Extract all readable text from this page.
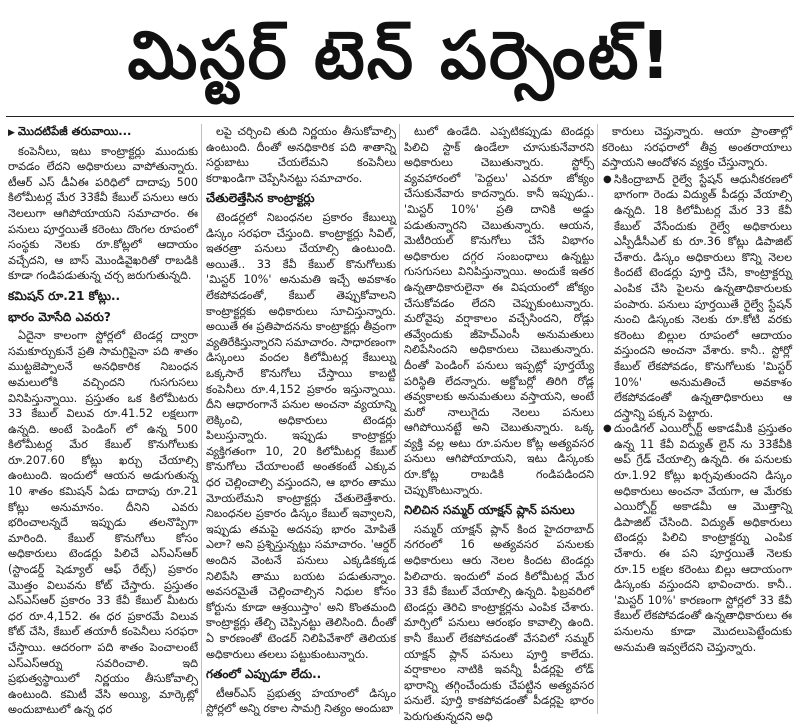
మిస్టర్ టెన్ పర్సెంట్!
▶ మొదటిపేజీ తరువాయి...

కంపెనీలు, ఇటు కాంట్రాక్టర్లు ముందుకు రావడం లేదని అధికారులు వాపోతున్నారు. టీఆర్ ఎస్ డీఏఈ పరిధిలో దాదాపు 500 కిలోమీటర్ల మేర 33కేవీ కేబుల్ పనులు ఆరు నెలలుగా ఆగిపోయాయని సమాచారం. ఈ పనులు పూర్తయితే కరెంటు దొంగల రూపంలో సంస్థకు నెలకు రూ.కోట్లలో ఆదాయం వచ్చేదని, ఆ బాస్ మొండివైఖరితో రాబడికి కూడా గండిపడుతున్న చర్చ జరుగుతున్నది.

కమిషన్ రూ.21 కోట్లు..
భారం మోసేది ఎవరు?

ఏదైనా కాలంగా స్టోర్లలో టెండర్ల ద్వారా సమకూర్చుకునే ప్రతి సామగ్రిపైనా పది శాతం ముట్టజెప్పాలనే అనధికారిక నిబంధన అమలులోకి వచ్చిందని గుసగుసలు వినిపిస్తున్నాయి. ప్రస్తుతం ఒక కిలోమీటరు 33 కేబుల్ విలువ రూ.41.52 లక్షలుగా ఉన్నది. అంటే పెండింగ్ లో ఉన్న 500 కిలోమీటర్ల మేర కేబుల్ కొనుగోలుకు రూ.207.60 కోట్లు ఖర్చు చేయాల్సి ఉంటుంది. ఇందులో ఆయన అడుగుతున్న 10 శాతం కమిషన్ ఏడు దాదాపు రూ.21 కోట్లు అనుమానం. దీనిని ఎవరు భరించాలన్నదే ఇప్పుడు తలనొప్పిగా మారింది. కేబుల్ కొనుగోలు కోసం అధికారులు టెండర్లు పిలిచే ఎస్ఎస్ఆర్ (స్టాండర్డ్ షెడ్యూల్ ఆఫ్ రేట్స్) ప్రకారం మొత్తం విలువను కోట్ చేస్తారు. ప్రస్తుతం ఎస్ఎస్ఆర్ ప్రకారం 33 కేవీ కేబుల్ మీటరు ధర రూ.4,152. ఈ ధర ప్రకారమే విలువ కోట్ చేసి, కేబుల్ తయారీ కంపెనీలు సరఫరా చేస్తాయి. ఆదరంగా పది శాతం పెంచాలంటే ఎస్ఎస్ఆర్ను సవరించాలి. ఇది ప్రభుత్వస్థాయిలో నిర్ణయం తీసుకోవాల్సి ఉంటుంది. కమిటీ వేసి అయ్యి, మార్కెట్లో అందుబాటులో ఉన్న ధర

లపై చర్చించి తుది నిర్ణయం తీసుకోవాల్సి ఉంటుంది. దీంతో అనధికారిక పది శాతాన్ని సర్దుబాటు చేయలేమని కంపెనీలు కరాఖండిగా చెప్పేసినట్టు సమాచారం.

చేతులెత్తేసిన కాంట్రాక్టర్లు

టెండర్లలో నిబంధనల ప్రకారం కేబుల్ను డిస్కం సరఫరా చేస్తుంది. కాంట్రాక్టర్లు సివిల్, ఇతరత్రా పనులు చేయాల్సి ఉంటుంది. అయితే.. 33 కేవీ కేబుల్ కొనుగోలుకు 'మిస్టర్ 10%' అనుమతి ఇచ్చే అవకాశం లేకపోవడంతో, కేబుల్ తెప్పుకోవాలని కాంట్రాక్టర్లకు అధికారులు సూచిస్తున్నారు. అయితే ఈ ప్రతిపాదనను కాంట్రాక్టర్లు తీవ్రంగా వ్యతిరేకిస్తున్నారని సమాచారం. సాధారణంగా డిస్కంలు వందల కిలోమీటర్ల కేబుల్ను ఒక్కసారే కొనుగోలు చేస్తాయి కాబట్టి కంపెనీలు రూ.4,152 ప్రకారం ఇస్తున్నాయి. దీని ఆధారంగానే పనుల అంచనా వ్యయాన్ని లెక్కించి, అధికారులు టెండర్లు పిలుస్తున్నారు. ఇప్పుడు కాంట్రాక్టర్లు వ్యక్తిగతంగా 10, 20 కిలోమీటర్ల కేబుల్ కొనుగోలు చేయాలంటే అంతకంటే ఎక్కువ ధర చెల్లించాల్సి వస్తుందని, ఆ భారం తాము మోయలేమని కాంట్రాక్టర్లు చేతులెత్తేశారు. నిబంధనల ప్రకారం డిస్కం కేబుల్ ఇవ్వాలని, ఇప్పుడు తమపై అదనపు భారం మోపితే ఎలా? అని ప్రశ్నిస్తున్నట్టు సమాచారం. 'ఆర్డర్ అందిన వెంటనే పనులు ఎక్కడికక్కడ నిలిపేసి తాము బయట పడుతున్నాం. అవసరమైతే చెల్లించాల్సిన నిధుల కోసం కోర్టును కూడా ఆశ్రయిస్తాం' అని కొంతమంది కాంట్రాక్టర్లు తేల్చి చెప్పినట్టు తెలిసింది. దీంతో ఏ కారణంతో టెండర్ నిలిపివేశారో తెలియక అధికారులు తలలు పట్టుకుంటున్నారు.

గతంలో ఎప్పుడూ లేదు..

టీఆర్ఎస్ ప్రభుత్వ హయాంలో డిస్కం స్టోర్లలో అన్ని రకాల సామగ్రి నిత్యం అందుబా

టులో ఉండేది. ఎప్పటికప్పుడు టెండర్లు పిలిచి స్టాక్ ఉండేలా చూసుకునేవారని అధికారులు చెబుతున్నారు. స్టోర్స్ వ్యవహారంలో 'పెద్దలు' ఎవరూ జోక్యం చేసుకునేవారు కాదన్నారు. కానీ ఇప్పుడు.. 'మిస్టర్ 10%' ప్రతి దానికి అడ్డు పడుతున్నారని చెబుతున్నారు. ఆయన, మెటీరియల్ కొనుగోలు చేసే విభాగం అధికారుల దగ్గర సంబంధాలు ఉన్నట్టు గుసగుసలు వినిపిస్తున్నాయి. అందుకే ఇతర ఉన్నతాధికారులైనా ఈ విషయంలో జోక్యం చేసుకోవడం లేదని చెప్పుకుంటున్నారు. మరోవైపు వర్షాకాలం వచ్చేసిందని, రోడ్లు తవ్వేందుకు జీహెచ్ఎంసీ అనుమతులు నిలిపేసిందని అధికారులు చెబుతున్నారు. దీంతో పెండింగ్ పనులు ఇప్పట్లో పూర్తయ్యే పరిస్థితి లేదన్నారు. అక్టోబర్లో తిరిగి రోడ్ల తవ్వకాలకు అనుమతులు వస్తాయని, అంటే మరో నాలుగైదు నెలలు పనులు ఆగిపోయినట్టే అని చెబుతున్నారు. ఒక్క వ్యక్తి వల్ల అటు రూ.పనుల కోట్ల అత్యవసర పనులు ఆగిపోయాయని, ఇటు డిస్కంకు రూ.కోట్ల రాబడికి గండిపడిందని చెప్పుకొంటున్నారు.

నిలిచిన సమ్మర్ యాక్షన్ ప్లాన్ పనులు

సమ్మర్ యాక్షన్ ప్లాన్ కింద హైదరాబాద్ నగరంలో 16 అత్యవసర పనులకు అధికారులు ఆరు నెలల కిందట టెండర్లు పిలిచారు. ఇందులో వంద కిలోమీటర్ల మేర 33 కేవీ కేబుల్ వేయాల్సి ఉన్నది. ఫిబ్రవరిలో టెండర్లు తెరిచి కాంట్రాక్టర్లను ఎంపిక చేశారు. మార్చిలో పనులు ఆరంభం కావాల్సి ఉంది. కానీ కేబుల్ లేకపోవడంతో వేసవిలో సమ్మర్ యాక్షన్ ప్లాన్ పనులు పూర్తి కాలేదు. వర్షాకాలం నాటికి ఇవన్నీ పీడర్లపై లోడ్ భారాన్ని తగ్గించేందుకు చేపట్టిన అత్యవసర పనులే. పూర్తి కాకపోవడంతో పీడర్లపై భారం పెరుగుతున్నదని అధి

కారులు చెప్తున్నారు. ఆయా ప్రాంతాల్లో కరెంటు సరఫరాలో తీవ్ర అంతరాయాలు వస్తాయని ఆందోళన వ్యక్తం చేస్తున్నారు.

● సికింద్రాబాద్ రైల్వే స్టేషన్ ఆధునీకరణలో భాగంగా రెండు విద్యుత్ పీడర్లు వేయాల్సి ఉన్నది. 18 కిలోమీటర్ల మేర 33 కేవీ కేబుల్ వేసేందుకు రైల్వే అధికారులు ఎస్పీడీసీఎల్ కు రూ.36 కోట్లు డిపాజిట్ చేశారు. డిస్కం అధికారులు కొన్ని నెలల కిందటే టెండర్లు పూర్తి చేసి, కాంట్రాక్టర్ను ఎంపిక చేసి పైలను ఉన్నతాధికారులకు పంపారు. పనులు పూర్తయితే రైల్వే స్టేషన్ నుంచి డిస్కంకు నెలకు రూ.కోటి వరకు కరెంటు బిల్లుల రూపంలో ఆదాయం వస్తుందని అంచనా వేశారు. కానీ.. స్టోర్లో కేబుల్ లేకపోవడం, కొనుగోలుకు 'మిస్టర్ 10%' అనుమతించే అవకాశం లేకపోవడంతో ఉన్నతాధికారులు ఆ దస్త్రాన్ని పక్కన పెట్టారు.
● దుండిగల్ ఎయిర్పోర్ట్ అకాడమీకి ప్రస్తుతం ఉన్న 11 కేవీ విద్యుత్ లైన్ ను 33కేవీకి అప్ గ్రేడ్ చేయాల్సి ఉన్నది. ఈ పనులకు రూ.1.92 కోట్లు ఖర్చవుతుందని డిస్కం అధికారులు అంచనా వేయగా, ఆ మేరకు ఎయిర్పోర్ట్ అకాడమీ ఆ మొత్తాన్ని డిపాజిట్ చేసింది. విద్యుత్ అధికారులు టెండర్లు పిలిచి కాంట్రాక్టర్ను ఎంపిక చేశారు. ఈ పని పూర్తయితే నెలకు రూ.15 లక్షల కరెంటు బిల్లు ఆదాయంగా డిస్కంకు వస్తుందని భావించారు. కానీ.. 'మిస్టర్ 10%' కారణంగా స్టోర్లలో 33 కేవీ కేబుల్ లేకపోవడంతో ఉన్నతాధికారులు ఈ పనులను కూడా మొదలుపెట్టేందుకు అనుమతి ఇవ్వలేదని చెప్తున్నారు.
